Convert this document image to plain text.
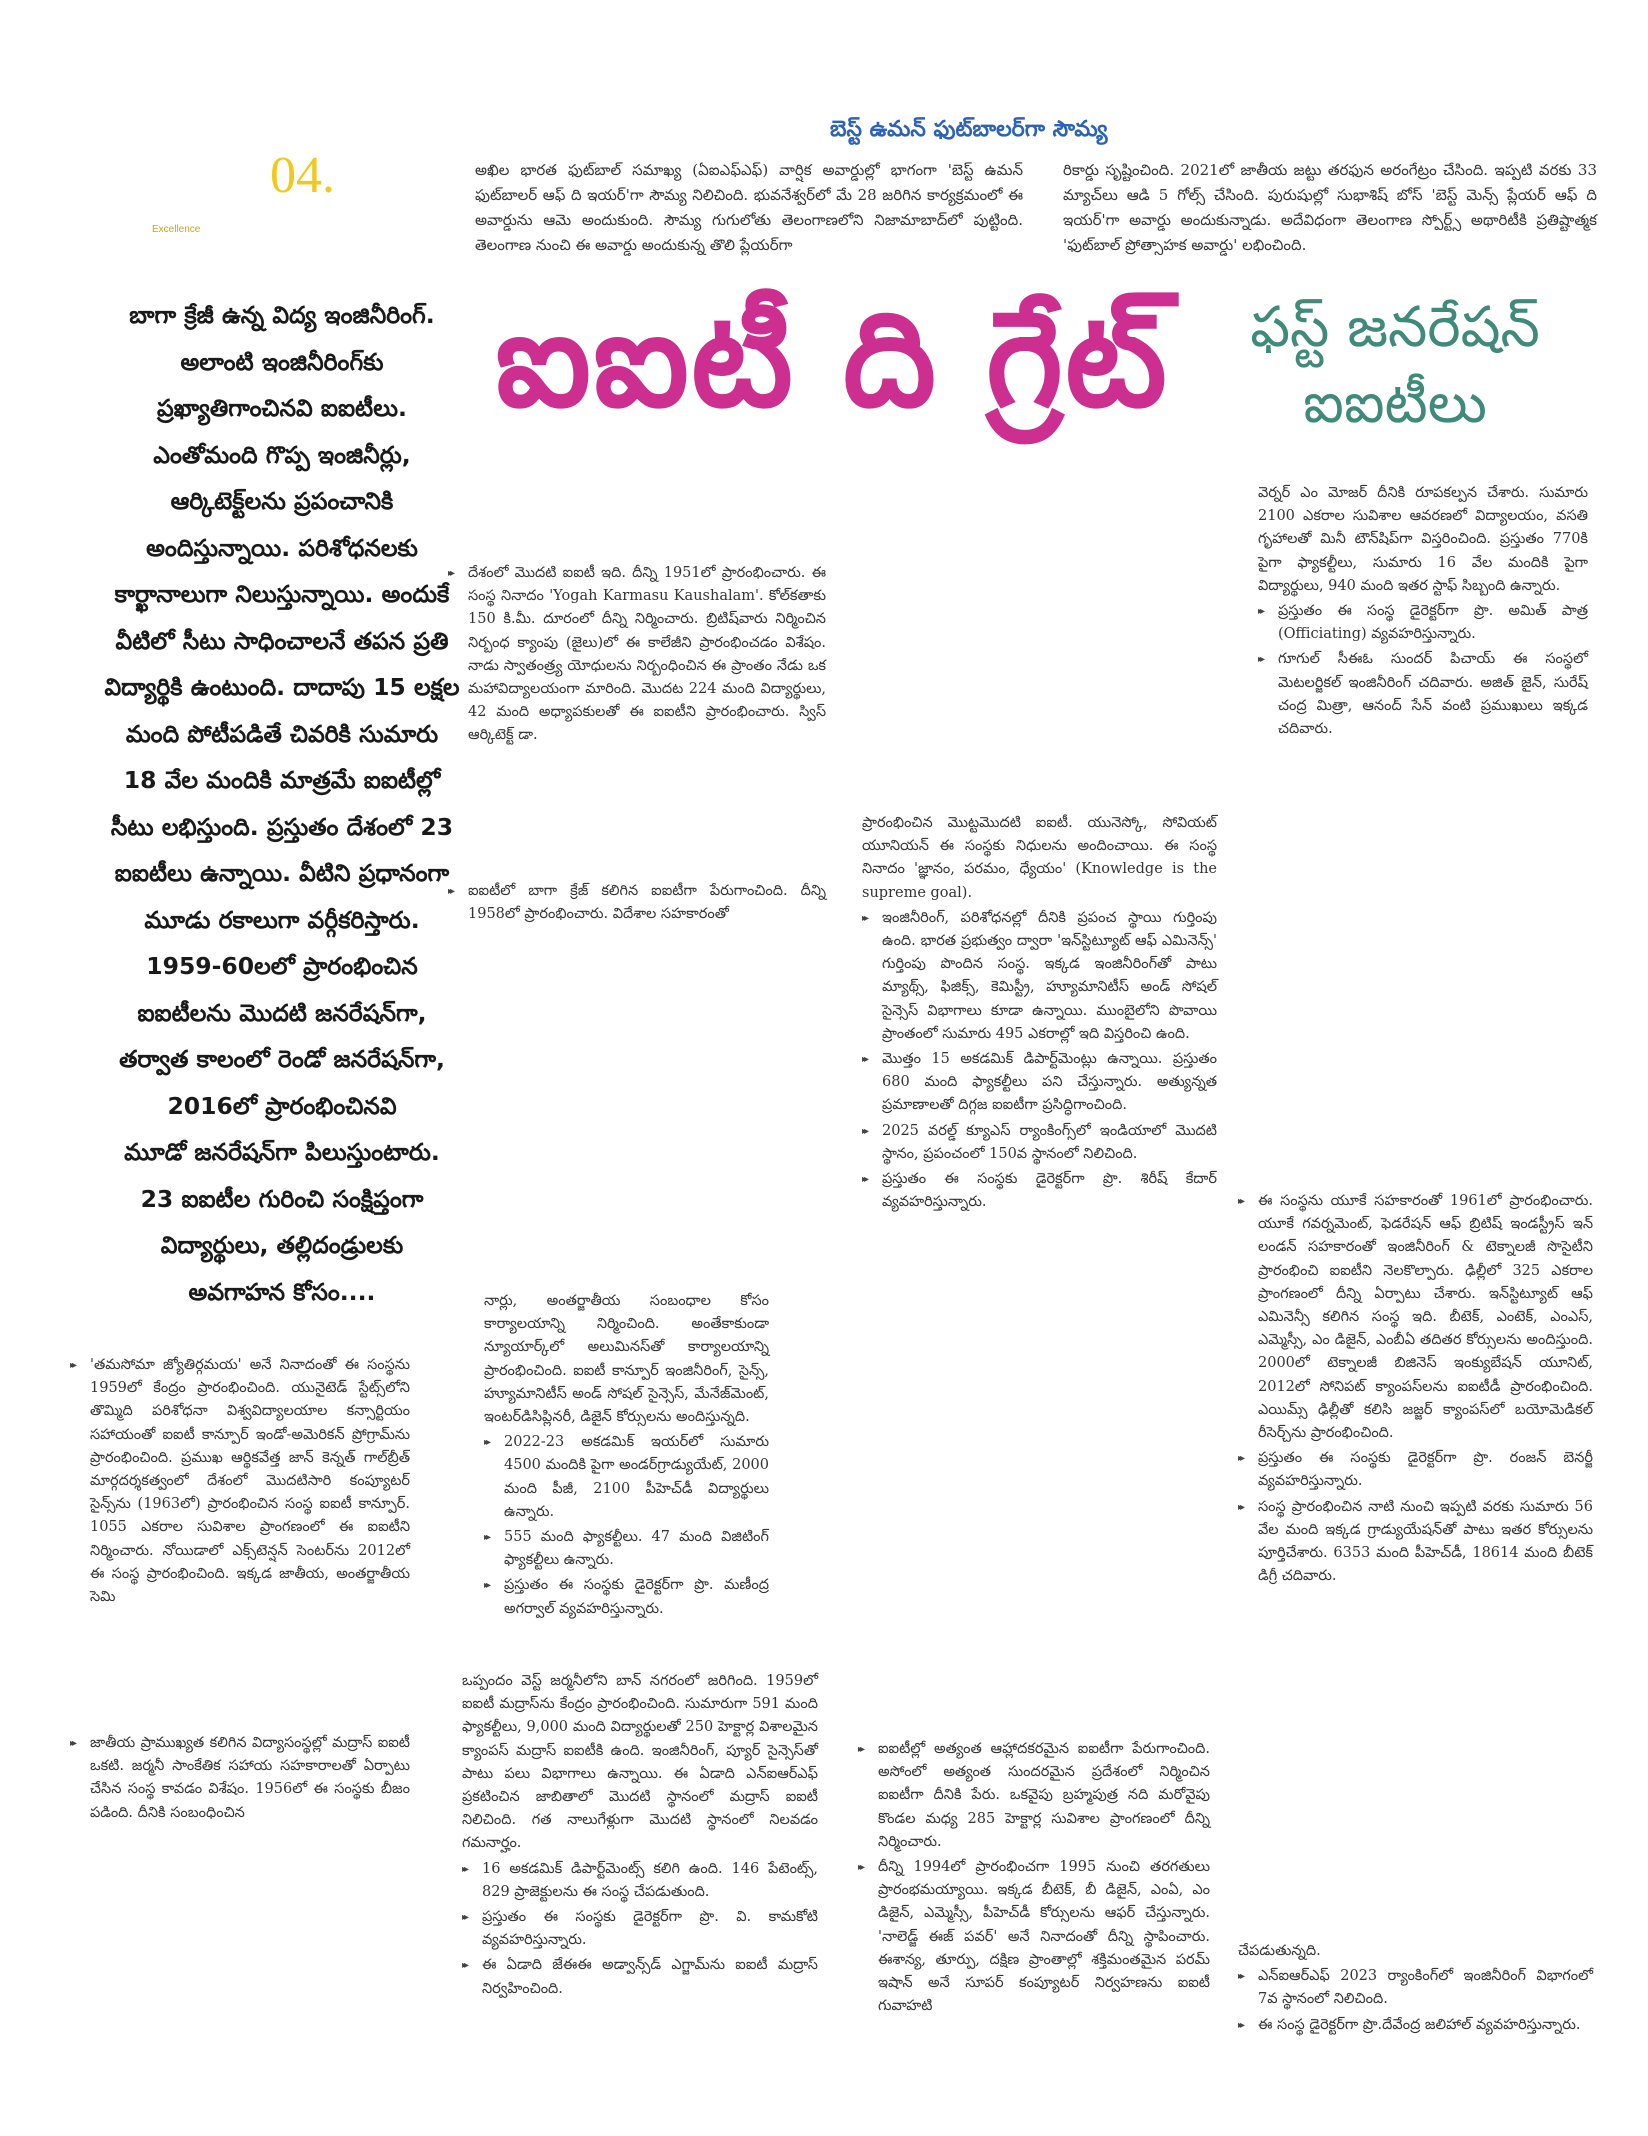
04.
Excellence
బెస్ట్ ఉమన్ ఫుట్‌బాలర్‌గా సౌమ్య
అఖిల భారత ఫుట్‌బాల్ సమాఖ్య (ఏఐఎఫ్ఎఫ్) వార్షిక అవార్డుల్లో భాగంగా 'బెస్ట్ ఉమన్ ఫుట్‌బాలర్ ఆఫ్ ది ఇయర్'గా సౌమ్య నిలిచింది. భువనేశ్వర్‌లో మే 28 జరిగిన కార్యక్రమంలో ఈ అవార్డును ఆమె అందుకుంది. సౌమ్య గుగులోతు తెలంగాణలోని నిజామాబాద్‌లో పుట్టింది. తెలంగాణ నుంచి ఈ అవార్డు అందుకున్న తొలి ప్లేయర్‌గా
రికార్డు సృష్టించింది. 2021లో జాతీయ జట్టు తరఫున అరంగేట్రం చేసింది. ఇప్పటి వరకు 33 మ్యాచ్‌లు ఆడి 5 గోల్స్ చేసింది. పురుషుల్లో సుభాశిష్ బోస్ 'బెస్ట్ మెన్స్ ప్లేయర్ ఆఫ్ ది ఇయర్'గా అవార్డు అందుకున్నాడు. అదేవిధంగా తెలంగాణ స్పోర్ట్స్ అథారిటీకి ప్రతిష్టాత్మక 'ఫుట్‌బాల్ ప్రోత్సాహక అవార్డు' లభించింది.
బాగా క్రేజీ ఉన్న విద్య ఇంజినీరింగ్.
అలాంటి ఇంజినీరింగ్‌కు
ప్రఖ్యాతిగాంచినవి ఐఐటీలు.
ఎంతోమంది గొప్ప ఇంజినీర్లు,
ఆర్కిటెక్ట్‌లను ప్రపంచానికి
అందిస్తున్నాయి. పరిశోధనలకు
కార్ఖానాలుగా నిలుస్తున్నాయి. అందుకే
వీటిలో సీటు సాధించాలనే తపన ప్రతి
విద్యార్థికి ఉంటుంది. దాదాపు 15 లక్షల
మంది పోటీపడితే చివరికి సుమారు
18 వేల మందికి మాత్రమే ఐఐటీల్లో
సీటు లభిస్తుంది. ప్రస్తుతం దేశంలో 23
ఐఐటీలు ఉన్నాయి. వీటిని ప్రధానంగా
మూడు రకాలుగా వర్గీకరిస్తారు.
1959-60లలో ప్రారంభించిన
ఐఐటీలను మొదటి జనరేషన్‌గా,
తర్వాత కాలంలో రెండో జనరేషన్‌గా,
2016లో ప్రారంభించినవి
మూడో జనరేషన్‌గా పిలుస్తుంటారు.
23 ఐఐటీల గురించి సంక్షిప్తంగా
విద్యార్థులు, తల్లిదండ్రులకు
అవగాహన కోసం....
ఐఐటీ ది గ్రేట్	ఫస్ట్ జనరేషన్
ఐఐటీలు
▸▸ దేశంలో మొదటి ఐఐటీ ఇది. దీన్ని 1951లో ప్రారంభించారు. ఈ సంస్థ నినాదం 'Yogah Karmasu Kaushalam'. కోల్‌కతాకు 150 కి.మీ. దూరంలో దీన్ని నిర్మించారు. బ్రిటిష్‌వారు నిర్మించిన నిర్బంధ క్యాంపు (జైలు)లో ఈ కాలేజీని ప్రారంభించడం విశేషం. నాడు స్వాతంత్ర్య యోధులను నిర్బంధించిన ఈ ప్రాంతం నేడు ఒక మహావిద్యాలయంగా మారింది. మొదట 224 మంది విద్యార్థులు, 42 మంది అధ్యాపకులతో ఈ ఐఐటీని ప్రారంభించారు. స్విస్ ఆర్కిటెక్ట్ డా.
▸▸ ఐఐటీలో బాగా క్రేజ్ కలిగిన ఐఐటీగా పేరుగాంచింది. దీన్ని 1958లో ప్రారంభించారు. విదేశాల సహకారంతో
▸▸ 'తమసోమా జ్యోతిర్గమయ' అనే నినాదంతో ఈ సంస్థను 1959లో కేంద్రం ప్రారంభించింది. యునైటెడ్ స్టేట్స్‌లోని తొమ్మిది పరిశోధనా విశ్వవిద్యాలయాల కన్సార్టియం సహాయంతో ఐఐటీ కాన్పూర్ ఇండో-అమెరికన్ ప్రోగ్రామ్‌ను ప్రారంభించింది. ప్రముఖ ఆర్థికవేత్త జాన్ కెన్నత్ గాల్‌బ్రీత్ మార్గదర్శకత్వంలో దేశంలో మొదటిసారి కంప్యూటర్ సైన్స్‌ను (1963లో) ప్రారంభించిన సంస్థ ఐఐటీ కాన్పూర్. 1055 ఎకరాల సువిశాల ప్రాంగణంలో ఈ ఐఐటీని నిర్మించారు. నోయిడాలో ఎక్స్‌టెన్షన్ సెంటర్‌ను 2012లో ఈ సంస్థ ప్రారంభించింది. ఇక్కడ జాతీయ, అంతర్జాతీయ సెమి
▸▸ జాతీయ ప్రాముఖ్యత కలిగిన విద్యాసంస్థల్లో మద్రాస్ ఐఐటీ ఒకటి. జర్మనీ సాంకేతిక సహాయ సహకారాలతో ఏర్పాటు చేసిన సంస్థ కావడం విశేషం. 1956లో ఈ సంస్థకు బీజం పడింది. దీనికి సంబంధించిన

ప్రారంభించిన మొట్టమొదటి ఐఐటీ. యునెస్కో, సోవియట్ యూనియన్ ఈ సంస్థకు నిధులను అందించాయి. ఈ సంస్థ నినాదం 'జ్ఞానం, పరమం, ధ్యేయం' (Knowledge is the supreme goal).

▸▸ ఇంజినీరింగ్, పరిశోధనల్లో దీనికి ప్రపంచ స్థాయి గుర్తింపు ఉంది. భారత ప్రభుత్వం ద్వారా 'ఇన్‌స్టిట్యూట్ ఆఫ్ ఎమినెన్స్' గుర్తింపు పొందిన సంస్థ. ఇక్కడ ఇంజినీరింగ్‌తో పాటు మ్యాథ్స్, ఫిజిక్స్, కెమిస్ట్రీ, హ్యూమానిటీస్ అండ్ సోషల్ సైన్సెస్ విభాగాలు కూడా ఉన్నాయి. ముంబైలోని పొవాయి ప్రాంతంలో సుమారు 495 ఎకరాల్లో ఇది విస్తరించి ఉంది.
▸▸ మొత్తం 15 అకడమిక్ డిపార్ట్‌మెంట్లు ఉన్నాయి. ప్రస్తుతం 680 మంది ఫ్యాకల్టీలు పని చేస్తున్నారు. అత్యున్నత ప్రమాణాలతో దిగ్గజ ఐఐటీగా ప్రసిద్ధిగాంచింది.
▸▸ 2025 వరల్డ్ క్యూఎస్ ర్యాంకింగ్స్‌లో ఇండియాలో మొదటి స్థానం, ప్రపంచంలో 150వ స్థానంలో నిలిచింది.
▸▸ ప్రస్తుతం ఈ సంస్థకు డైరెక్టర్‌గా ప్రొ. శిరీష్ కేదార్ వ్యవహరిస్తున్నారు.

నార్లు, అంతర్జాతీయ సంబంధాల కోసం కార్యాలయాన్ని నిర్మించింది. అంతేకాకుండా న్యూయార్క్‌లో అలుమినస్‌తో కార్యాలయాన్ని ప్రారంభించింది. ఐఐటీ కాన్పూర్ ఇంజినీరింగ్, సైన్స్, హ్యూమానిటీస్ అండ్ సోషల్ సైన్సెస్, మేనేజ్‌మెంట్, ఇంటర్‌డిసిప్లినరీ, డిజైన్ కోర్సులను అందిస్తున్నది.

▸▸ 2022-23 అకడమిక్ ఇయర్‌లో సుమారు 4500 మందికి పైగా అండర్‌గ్రాడ్యుయేట్, 2000 మంది పీజీ, 2100 పీహెచ్‌డీ విద్యార్థులు ఉన్నారు.
▸▸ 555 మంది ఫ్యాకల్టీలు. 47 మంది విజిటింగ్ ఫ్యాకల్టీలు ఉన్నారు.
▸▸ ప్రస్తుతం ఈ సంస్థకు డైరెక్టర్‌గా ప్రొ. మణీంద్ర అగర్వాల్ వ్యవహరిస్తున్నారు.

ఒప్పందం వెస్ట్ జర్మనీలోని బాన్ నగరంలో జరిగింది. 1959లో ఐఐటీ మద్రాస్‌ను కేంద్రం ప్రారంభించింది. సుమారుగా 591 మంది ఫ్యాకల్టీలు, 9,000 మంది విద్యార్థులతో 250 హెక్టార్ల విశాలమైన క్యాంపస్ మద్రాస్ ఐఐటీకి ఉంది. ఇంజినీరింగ్, ప్యూర్ సైన్సెస్‌తో పాటు పలు విభాగాలు ఉన్నాయి. ఈ ఏడాది ఎన్ఐఆర్ఎఫ్ ప్రకటించిన జాబితాలో మొదటి స్థానంలో మద్రాస్ ఐఐటీ నిలిచింది. గత నాలుగేళ్లుగా మొదటి స్థానంలో నిలవడం గమనార్హం.

▸▸ 16 అకడమిక్ డిపార్ట్‌మెంట్స్ కలిగి ఉంది. 146 పేటెంట్స్, 829 ప్రాజెక్టులను ఈ సంస్థ చేపడుతుంది.
▸▸ ప్రస్తుతం ఈ సంస్థకు డైరెక్టర్‌గా ప్రొ. వి. కామకోటి వ్యవహరిస్తున్నారు.
▸▸ ఈ ఏడాది జేఈఈ అడ్వాన్స్‌డ్ ఎగ్జామ్‌ను ఐఐటీ మద్రాస్ నిర్వహించింది.

వెర్నర్ ఎం మోజర్ దీనికి రూపకల్పన చేశారు. సుమారు 2100 ఎకరాల సువిశాల ఆవరణలో విద్యాలయం, వసతి గృహాలతో మినీ టౌన్‌షిప్‌గా విస్తరించింది. ప్రస్తుతం 770కి పైగా ఫ్యాకల్టీలు, సుమారు 16 వేల మందికి పైగా విద్యార్థులు, 940 మంది ఇతర స్టాఫ్ సిబ్బంది ఉన్నారు.

▸▸ ప్రస్తుతం ఈ సంస్థ డైరెక్టర్‌గా ప్రొ. అమిత్ పాత్ర (Officiating) వ్యవహరిస్తున్నారు.
▸▸ గూగుల్ సీఈఓ సుందర్ పిచాయ్ ఈ సంస్థలో మెటలర్జికల్ ఇంజినీరింగ్ చదివారు. అజిత్ జైన్, సురేష్ చంద్ర మిత్రా, ఆనంద్ సేన్ వంటి ప్రముఖులు ఇక్కడ చదివారు.
▸▸ ఈ సంస్థను యూకే సహకారంతో 1961లో ప్రారంభించారు. యూకే గవర్నమెంట్, ఫెడరేషన్ ఆఫ్ బ్రిటిష్ ఇండస్ట్రీస్ ఇన్ లండన్ సహకారంతో ఇంజినీరింగ్ & టెక్నాలజీ సొసైటీని ప్రారంభించి ఐఐటీని నెలకొల్పారు. ఢిల్లీలో 325 ఎకరాల ప్రాంగణంలో దీన్ని ఏర్పాటు చేశారు. ఇన్‌స్టిట్యూట్ ఆఫ్ ఎమినెన్సీ కలిగిన సంస్థ ఇది. బీటెక్, ఎంటెక్, ఎంఎస్, ఎమ్మెస్సీ, ఎం డిజైన్, ఎంబీఏ తదితర కోర్సులను అందిస్తుంది. 2000లో టెక్నాలజీ బిజినెస్ ఇంక్యుబేషన్ యూనిట్, 2012లో సోనిపట్ క్యాంపస్‌లను ఐఐటీడీ ప్రారంభించింది. ఎయిమ్స్ ఢిల్లీతో కలిసి జజ్జర్ క్యాంపస్‌లో బయోమెడికల్ రీసెర్చ్‌ను ప్రారంభించింది.
▸▸ ప్రస్తుతం ఈ సంస్థకు డైరెక్టర్‌గా ప్రొ. రంజన్ బెనర్జీ వ్యవహరిస్తున్నారు.
▸▸ సంస్థ ప్రారంభించిన నాటి నుంచి ఇప్పటి వరకు సుమారు 56 వేల మంది ఇక్కడ గ్రాడ్యుయేషన్‌తో పాటు ఇతర కోర్సులను పూర్తిచేశారు. 6353 మంది పీహెచ్‌డీ, 18614 మంది బీటెక్ డిగ్రీ చదివారు.
▸▸ ఐఐటీల్లో అత్యంత ఆహ్లాదకరమైన ఐఐటీగా పేరుగాంచింది. అసోంలో అత్యంత సుందరమైన ప్రదేశంలో నిర్మించిన ఐఐటీగా దీనికి పేరు. ఒకవైపు బ్రహ్మపుత్ర నది మరోవైపు కొండల మధ్య 285 హెక్టార్ల సువిశాల ప్రాంగణంలో దీన్ని నిర్మించారు.
▸▸ దీన్ని 1994లో ప్రారంభించగా 1995 నుంచి తరగతులు ప్రారంభమయ్యాయి. ఇక్కడ బీటెక్, బీ డిజైన్, ఎంఏ, ఎం డిజైన్, ఎమ్మెస్సీ, పీహెచ్‌డీ కోర్సులను ఆఫర్ చేస్తున్నారు. 'నాలెడ్జ్ ఈజ్ పవర్' అనే నినాదంతో దీన్ని స్థాపించారు. ఈశాన్య, తూర్పు, దక్షిణ ప్రాంతాల్లో శక్తిమంతమైన పరమ్ ఇషాన్ అనే సూపర్ కంప్యూటర్ నిర్వహణను ఐఐటీ గువాహటి

చేపడుతున్నది.

▸▸ ఎన్ఐఆర్ఎఫ్ 2023 ర్యాంకింగ్‌లో ఇంజినీరింగ్ విభాగంలో 7వ స్థానంలో నిలిచింది.
▸▸ ఈ సంస్థ డైరెక్టర్‌గా ప్రొ.దేవేంద్ర జలిహాల్ వ్యవహరిస్తున్నారు.
